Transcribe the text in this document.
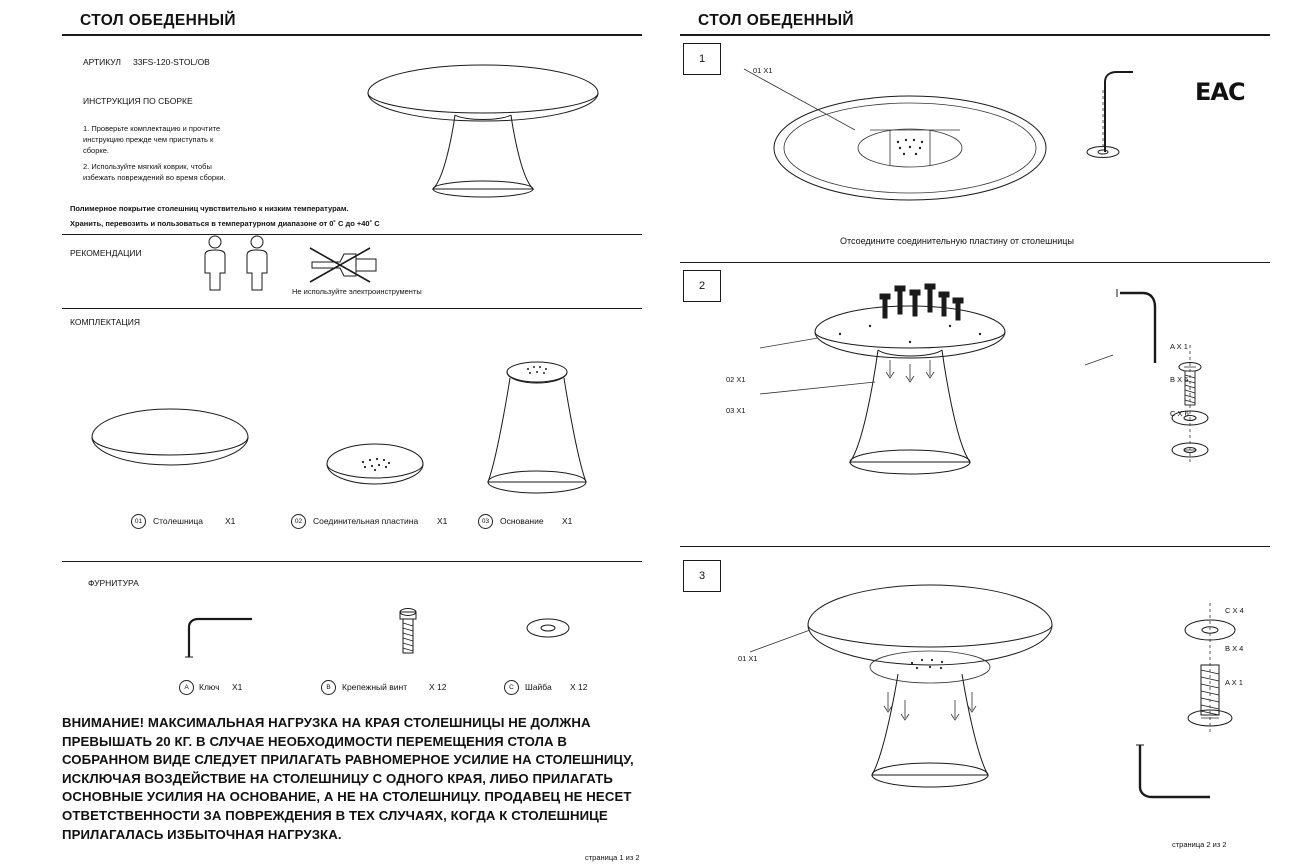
СТОЛ ОБЕДЕННЫЙ
АРТИКУЛ 33FS-120-STOL/OB
ИНСТРУКЦИЯ ПО СБОРКЕ
1. Проверьте комплектацию и прочтите
инструкцию прежде чем приступать к
сборке.
2. Используйте мягкий коврик, чтобы
избежать повреждений во время сборки.
Полимерное покрытие столешниц чувствительно к низким температурам.
Хранить, перевозить и пользоваться в температурном диапазоне от 0˚ С до +40˚ С
РЕКОМЕНДАЦИИ
Не используйте электроинструменты
КОМПЛЕКТАЦИЯ
01	Столешница	X1	02	Соединительная пластина X1	03	Основание X1
ФУРНИТУРА
A	Ключ X1	B	Крепежный винт	X 12	C	Шайба X 12
ВНИМАНИЕ! МАКСИМАЛЬНАЯ НАГРУЗКА НА КРАЯ СТОЛЕШНИЦЫ НЕ ДОЛЖНА ПРЕВЫШАТЬ 20 КГ. В СЛУЧАЕ НЕОБХОДИМОСТИ ПЕРЕМЕЩЕНИЯ СТОЛА В СОБРАННОМ ВИДЕ СЛЕДУЕТ ПРИЛАГАТЬ РАВНОМЕРНОЕ УСИЛИЕ НА СТОЛЕШНИЦУ, ИСКЛЮЧАЯ ВОЗДЕЙСТВИЕ НА СТОЛЕШНИЦУ С ОДНОГО КРАЯ, ЛИБО ПРИЛАГАТЬ ОСНОВНЫЕ УСИЛИЯ НА ОСНОВАНИЕ, А НЕ НА СТОЛЕШНИЦУ. ПРОДАВЕЦ НЕ НЕСЕТ ОТВЕТСТВЕННОСТИ ЗА ПОВРЕЖДЕНИЯ В ТЕХ СЛУЧАЯХ, КОГДА К СТОЛЕШНИЦЕ ПРИЛАГАЛАСЬ ИЗБЫТОЧНАЯ НАГРУЗКА.
страница 1 из 2
СТОЛ ОБЕДЕННЫЙ
1
01 X1
EAC
Отсоедините соединительную пластину от столешницы
2
02 X1
03 X1
A X 1
B X 6
C X 6
3
01 X1
C X 4
B X 4
A X 1
страница 2 из 2
